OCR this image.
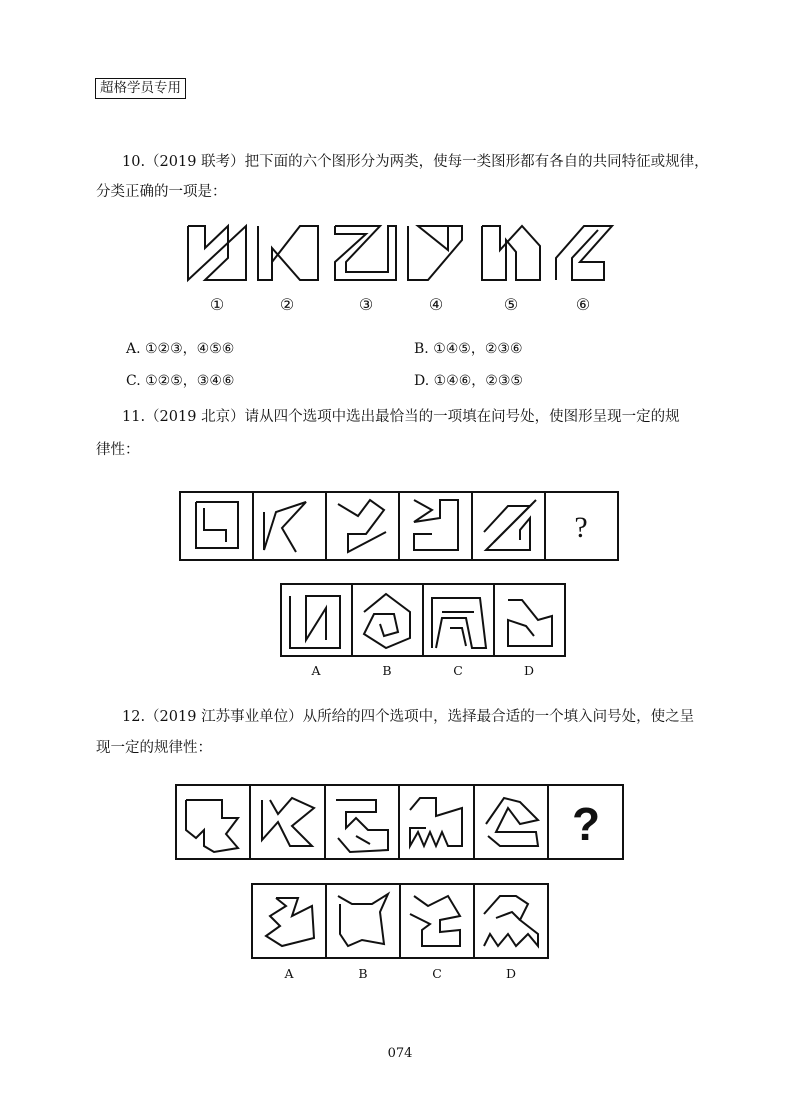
超格学员专用
10.（2019 联考）把下面的六个图形分为两类，使每一类图形都有各自的共同特征或规律，
分类正确的一项是：
①	②	③	④	⑤	⑥
A. ①②③，④⑤⑥	B. ①④⑤，②③⑥
C. ①②⑤，③④⑥	D. ①④⑥，②③⑤
11.（2019 北京）请从四个选项中选出最恰当的一项填在问号处，使图形呈现一定的规
律性：
?
A	B	C	D
12.（2019 江苏事业单位）从所给的四个选项中，选择最合适的一个填入问号处，使之呈
现一定的规律性：
?
A	B	C	D
074
